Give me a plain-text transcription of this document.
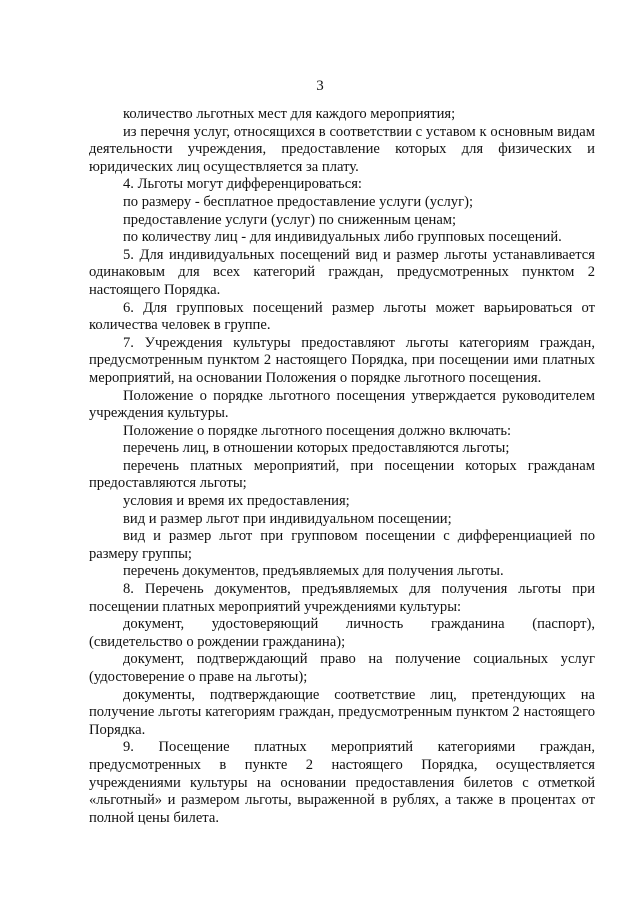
3

количество льготных мест для каждого мероприятия;

из перечня услуг, относящихся в соответствии с уставом к основным видам деятельности учреждения, предоставление которых для физических и юридических лиц осуществляется за плату.

4. Льготы могут дифференцироваться:

по размеру - бесплатное предоставление услуги (услуг);

предоставление услуги (услуг) по сниженным ценам;

по количеству лиц - для индивидуальных либо групповых посещений.

5. Для индивидуальных посещений вид и размер льготы устанавливается одинаковым для всех категорий граждан, предусмотренных пунктом 2 настоящего Порядка.

6. Для групповых посещений размер льготы может варьироваться от количества человек в группе.

7. Учреждения культуры предоставляют льготы категориям граждан, предусмотренным пунктом 2 настоящего Порядка, при посещении ими платных мероприятий, на основании Положения о порядке льготного посещения.

Положение о порядке льготного посещения утверждается руководителем учреждения культуры.

Положение о порядке льготного посещения должно включать:

перечень лиц, в отношении которых предоставляются льготы;

перечень платных мероприятий, при посещении которых гражданам предоставляются льготы;

условия и время их предоставления;

вид и размер льгот при индивидуальном посещении;

вид и размер льгот при групповом посещении с дифференциацией по размеру группы;

перечень документов, предъявляемых для получения льготы.

8. Перечень документов, предъявляемых для получения льготы при посещении платных мероприятий учреждениями культуры:

документ, удостоверяющий личность гражданина (паспорт), (свидетельство о рождении гражданина);

документ, подтверждающий право на получение социальных услуг (удостоверение о праве на льготы);

документы, подтверждающие соответствие лиц, претендующих на получение льготы категориям граждан, предусмотренным пунктом 2 настоящего Порядка.

9. Посещение платных мероприятий категориями граждан, предусмотренных в пункте 2 настоящего Порядка, осуществляется учреждениями культуры на основании предоставления билетов с отметкой «льготный» и размером льготы, выраженной в рублях, а также в процентах от полной цены билета.
